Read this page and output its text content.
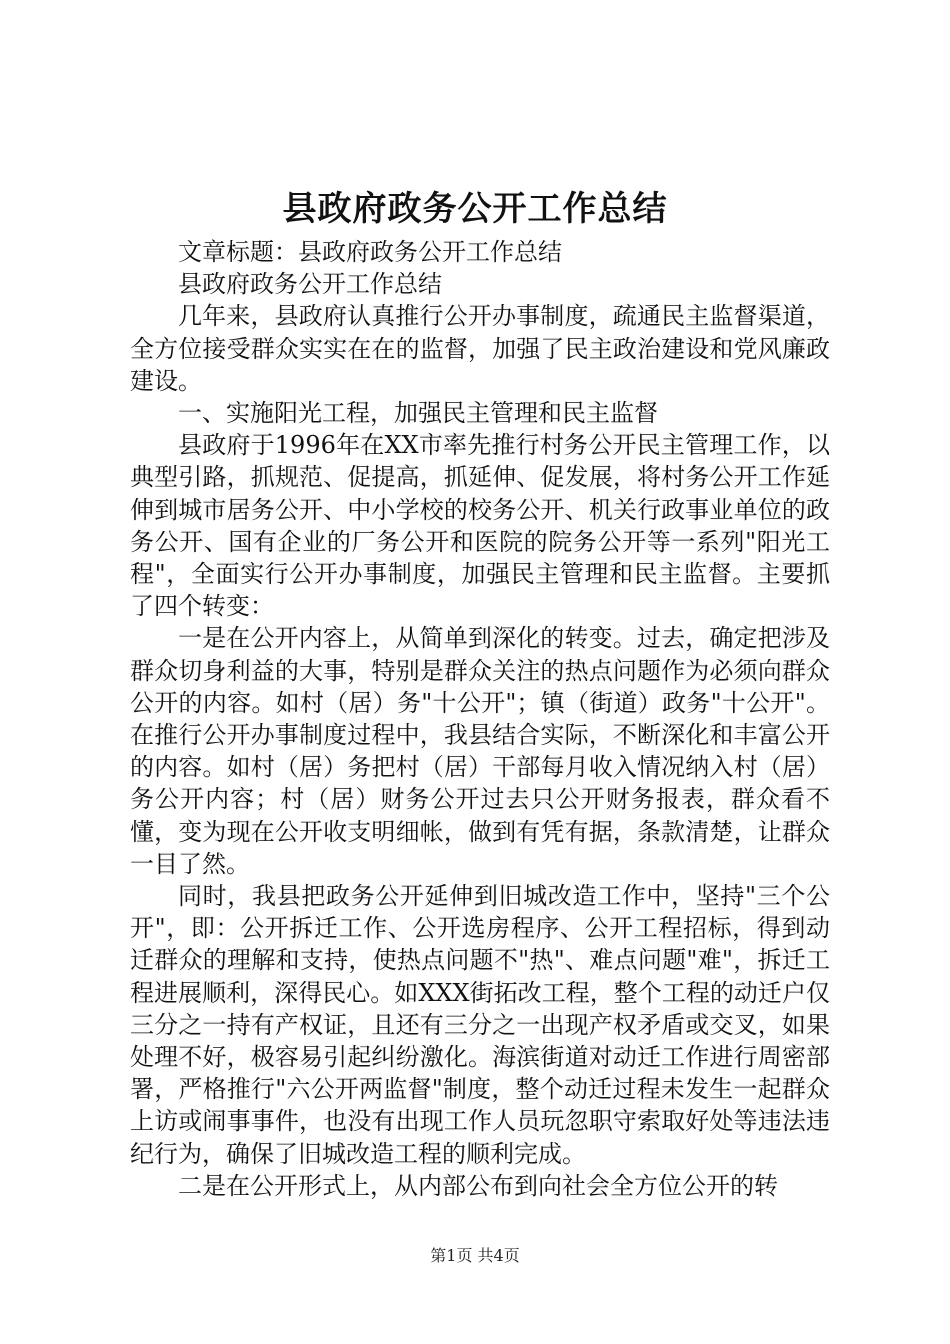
县政府政务公开工作总结

文章标题：县政府政务公开工作总结

县政府政务公开工作总结

几年来，县政府认真推行公开办事制度，疏通民主监督渠道，全方位接受群众实实在在的监督，加强了民主政治建设和党风廉政建设。

一、实施阳光工程，加强民主管理和民主监督

县政府于1996年在XX市率先推行村务公开民主管理工作，以典型引路，抓规范、促提高，抓延伸、促发展，将村务公开工作延伸到城市居务公开、中小学校的校务公开、机关行政事业单位的政务公开、国有企业的厂务公开和医院的院务公开等一系列"阳光工程"，全面实行公开办事制度，加强民主管理和民主监督。主要抓了四个转变：

一是在公开内容上，从简单到深化的转变。过去，确定把涉及群众切身利益的大事，特别是群众关注的热点问题作为必须向群众公开的内容。如村（居）务"十公开"；镇（街道）政务"十公开"。在推行公开办事制度过程中，我县结合实际，不断深化和丰富公开的内容。如村（居）务把村（居）干部每月收入情况纳入村（居）务公开内容；村（居）财务公开过去只公开财务报表，群众看不懂，变为现在公开收支明细帐，做到有凭有据，条款清楚，让群众一目了然。

同时，我县把政务公开延伸到旧城改造工作中，坚持"三个公开"，即：公开拆迁工作、公开选房程序、公开工程招标，得到动迁群众的理解和支持，使热点问题不"热"、难点问题"难"，拆迁工程进展顺利，深得民心。如XXX街拓改工程，整个工程的动迁户仅三分之一持有产权证，且还有三分之一出现产权矛盾或交叉，如果处理不好，极容易引起纠纷激化。海滨街道对动迁工作进行周密部署，严格推行"六公开两监督"制度，整个动迁过程未发生一起群众上访或闹事事件，也没有出现工作人员玩忽职守索取好处等违法违纪行为，确保了旧城改造工程的顺利完成。

二是在公开形式上，从内部公布到向社会全方位公开的转

第1页 共4页
